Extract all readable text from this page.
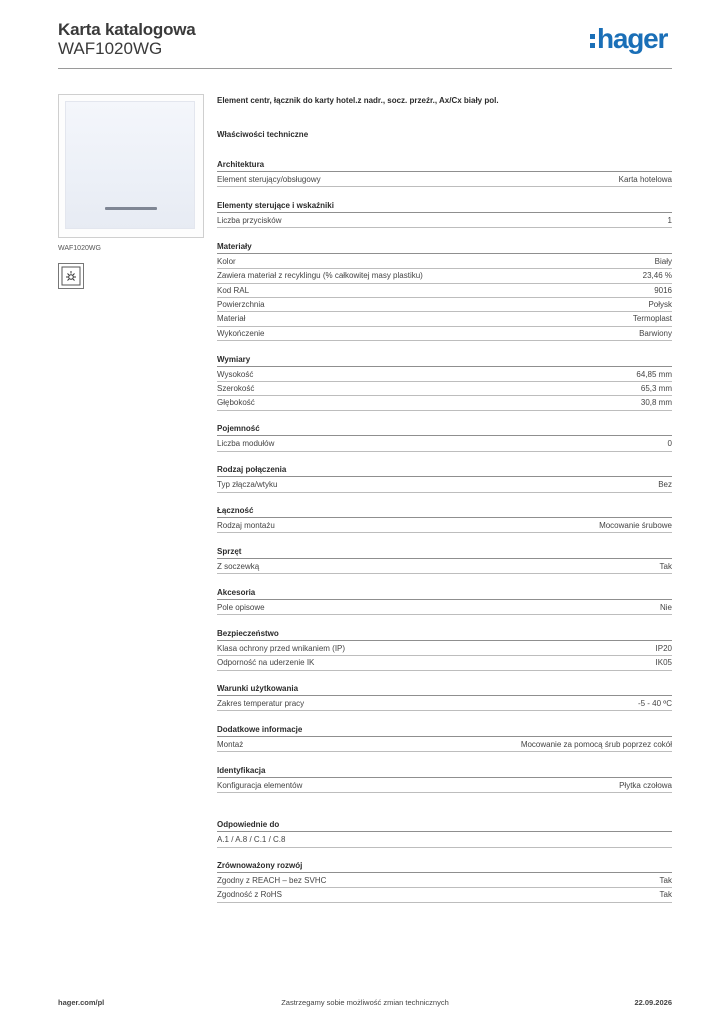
Karta katalogowa
WAF1020WG	hager
WAF1020WG
Element centr, łącznik do karty hotel.z nadr., socz. przeźr., Ax/Cx biały pol.
Właściwości techniczne
Architektura
Element sterujący/obsługowy	Karta hotelowa
Elementy sterujące i wskaźniki
Liczba przycisków	1
Materiały
Kolor	Biały
Zawiera materiał z recyklingu (% całkowitej masy plastiku)	23,46 %
Kod RAL	9016
Powierzchnia	Połysk
Materiał	Termoplast
Wykończenie	Barwiony
Wymiary
Wysokość	64,85 mm
Szerokość	65,3 mm
Głębokość	30,8 mm
Pojemność
Liczba modułów	0
Rodzaj połączenia
Typ złącza/wtyku	Bez
Łączność
Rodzaj montażu	Mocowanie śrubowe
Sprzęt
Z soczewką	Tak
Akcesoria
Pole opisowe	Nie
Bezpieczeństwo
Klasa ochrony przed wnikaniem (IP)	IP20
Odporność na uderzenie IK	IK05
Warunki użytkowania
Zakres temperatur pracy	-5 - 40 ºC
Dodatkowe informacje
Montaż	Mocowanie za pomocą śrub poprzez cokół
Identyfikacja
Konfiguracja elementów	Płytka czołowa
Odpowiednie do
A.1 / A.8 / C.1 / C.8
Zrównoważony rozwój
Zgodny z REACH – bez SVHC	Tak
Zgodność z RoHS	Tak
hager.com/pl	Zastrzegamy sobie możliwość zmian technicznych	22.09.2026
